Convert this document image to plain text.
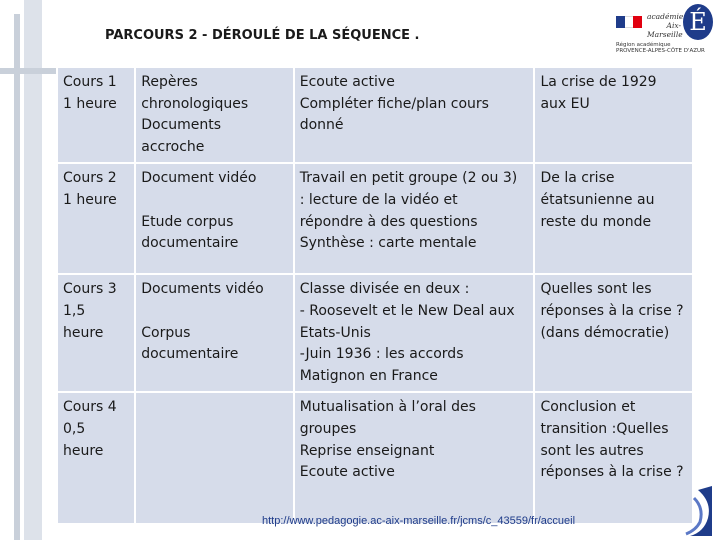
PARCOURS 2 - DÉROULÉ DE LA SÉQUENCE .
académie
Aix-Marseille É
Région académique
PROVENCE-ALPES-CÔTE D'AZUR
Cours 1
1 heure	Repères
chronologiques
Documents
accroche	Ecoute active
Compléter fiche/plan cours
donné	La crise de 1929
aux EU

Cours 2
1 heure	Document vidéo

Etude corpus
documentaire	Travail en petit groupe (2 ou 3)
: lecture de la vidéo et
répondre à des questions
Synthèse : carte mentale	De la crise
étatsunienne au
reste du monde

Cours 3
1,5
heure	Documents vidéo

Corpus
documentaire	Classe divisée en deux :
- Roosevelt et le New Deal aux
Etats-Unis
-Juin 1936 : les accords
Matignon en France	Quelles sont les
réponses à la crise ?
(dans démocratie)

Cours 4
0,5
heure		Mutualisation à l’oral des
groupes
Reprise enseignant
Ecoute active	Conclusion et
transition :Quelles
sont les autres
réponses à la crise ?
http://www.pedagogie.ac-aix-marseille.fr/jcms/c_43559/fr/accueil
